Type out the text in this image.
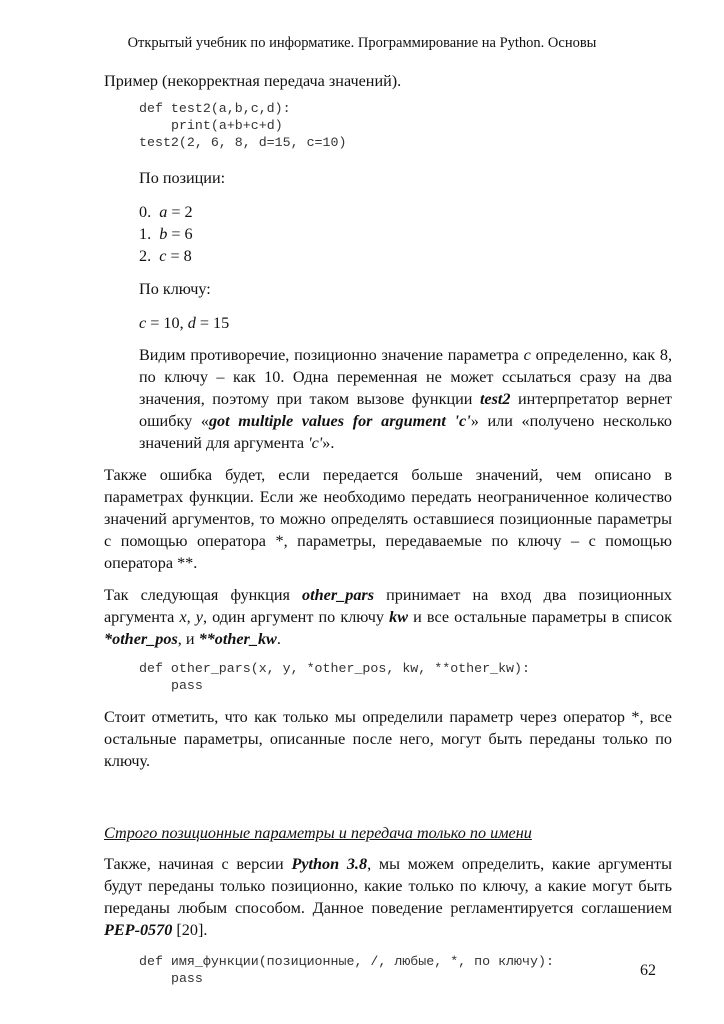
Открытый учебник по информатике. Программирование на Python. Основы

Пример (некорректная передача значений).

def test2(a,b,c,d):
print(a+b+c+d)
test2(2, 6, 8, d=15, c=10)

По позиции:

0. a = 2
1. b = 6
2. c = 8

По ключу:

c = 10, d = 15

Видим противоречие, позиционно значение параметра c определенно, как 8, по ключу – как 10. Одна переменная не может ссылаться сразу на два значения, поэтому при таком вызове функции test2 интерпретатор вернет ошибку «got multiple values for argument 'c'» или «получено несколько значений для аргумента 'c'».

Также ошибка будет, если передается больше значений, чем описано в параметрах функции. Если же необходимо передать неограниченное количество значений аргументов, то можно определять оставшиеся позиционные параметры с помощью оператора *, параметры, передаваемые по ключу – с помощью оператора **.

Так следующая функция other_pars принимает на вход два позиционных аргумента x, y, один аргумент по ключу kw и все остальные параметры в список *other_pos, и **other_kw.

def other_pars(x, y, *other_pos, kw, **other_kw):
pass

Стоит отметить, что как только мы определили параметр через оператор *, все остальные параметры, описанные после него, могут быть переданы только по ключу.

Строго позиционные параметры и передача только по имени

Также, начиная с версии Python 3.8, мы можем определить, какие аргументы будут переданы только позиционно, какие только по ключу, а какие могут быть переданы любым способом. Данное поведение регламентируется соглашением PEP-0570 [20].

def имя_функции(позиционные, /, любые, *, по ключу):
pass	62
